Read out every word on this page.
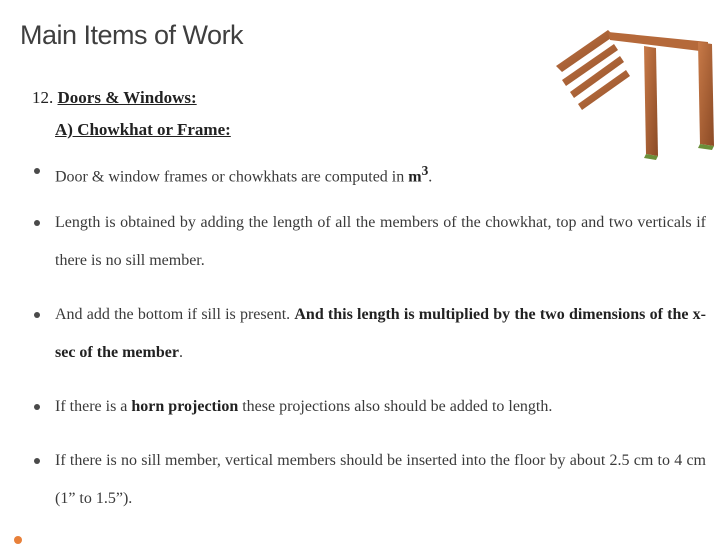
Main Items of Work
12. Doors & Windows:
A) Chowkhat or Frame:
Door & window frames or chowkhats are computed in $m^3$.
Length is obtained by adding the length of all the members of the chowkhat, top and two verticals if there is no sill member.
And add the bottom if sill is present. And this length is multiplied by the two dimensions of the x-sec of the member.
If there is a horn projection these projections also should be added to length.
If there is no sill member, vertical members should be inserted into the floor by about 2.5 cm to 4 cm (1” to 1.5”).
